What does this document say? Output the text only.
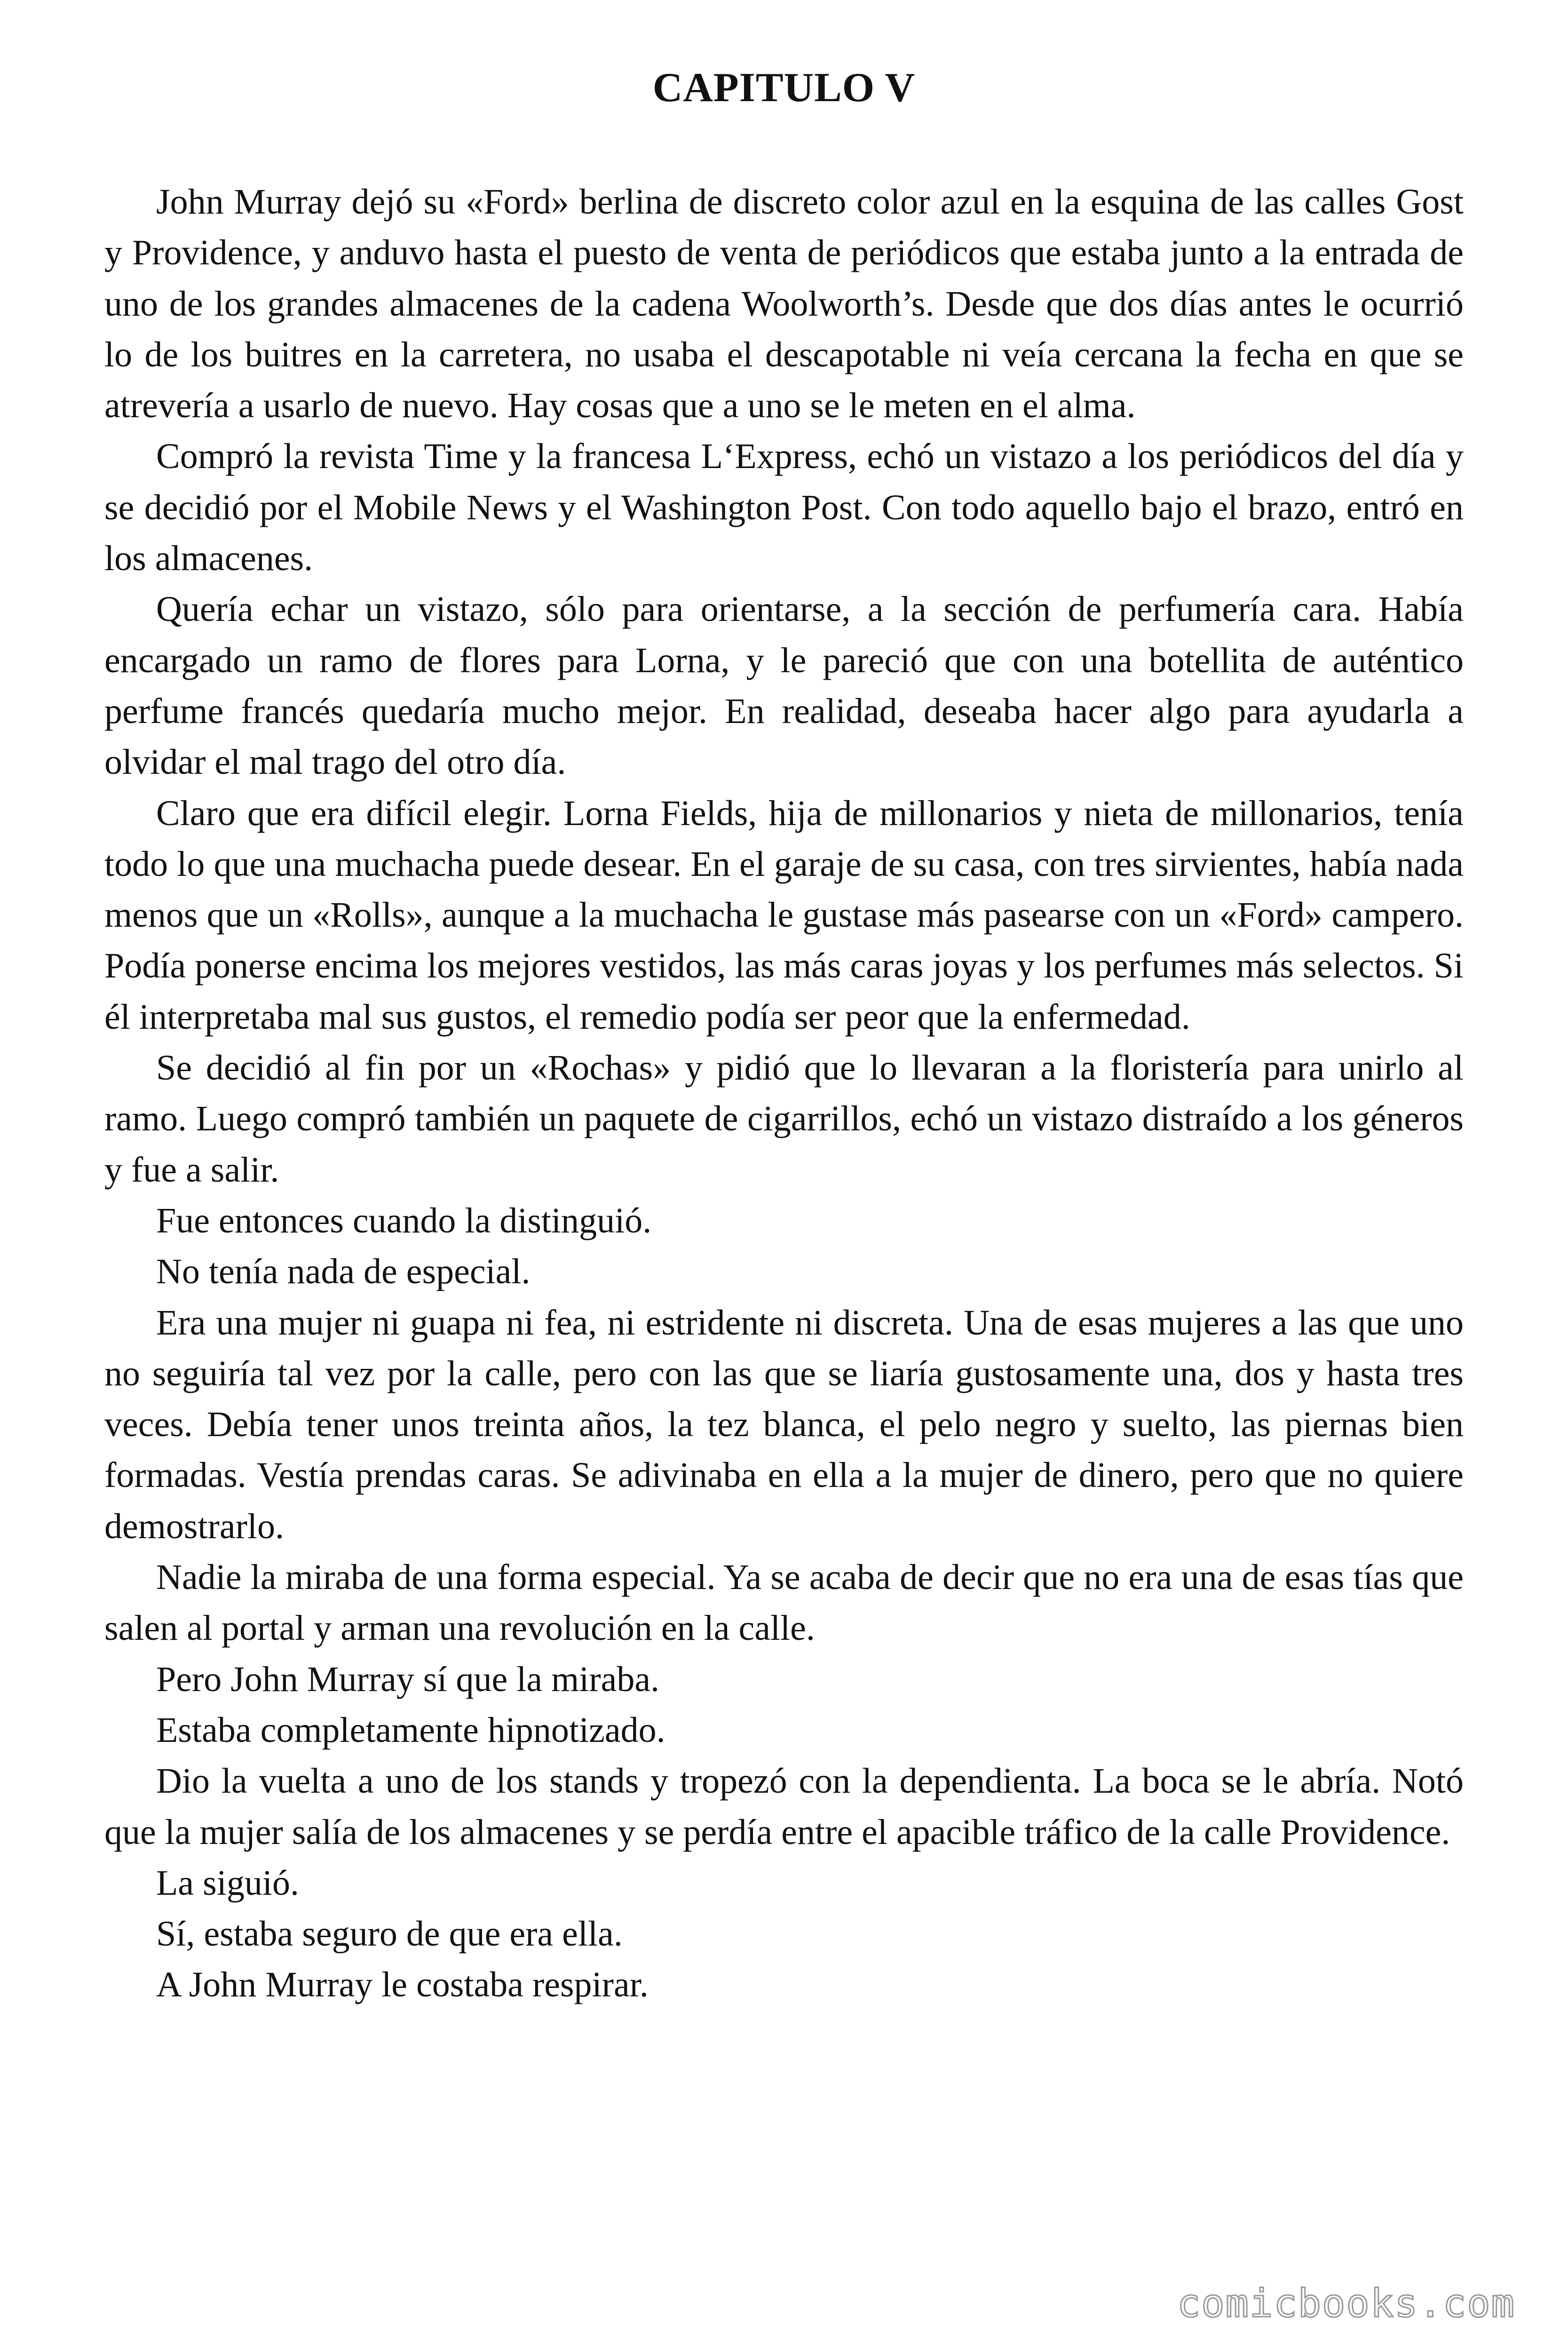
CAPITULO V

John Murray dejó su «Ford» berlina de discreto color azul en la esquina de las calles Gost y Providence, y anduvo hasta el puesto de venta de periódicos que estaba junto a la entrada de uno de los grandes almacenes de la cadena Woolworth’s. Desde que dos días antes le ocurrió lo de los buitres en la carretera, no usaba el descapotable ni veía cercana la fecha en que se atrevería a usarlo de nuevo. Hay cosas que a uno se le meten en el alma.

Compró la revista Time y la francesa L‘Express, echó un vistazo a los periódicos del día y se decidió por el Mobile News y el Washington Post. Con todo aquello bajo el brazo, entró en los almacenes.

Quería echar un vistazo, sólo para orientarse, a la sección de perfumería cara. Había encargado un ramo de flores para Lorna, y le pareció que con una botellita de auténtico perfume francés quedaría mucho mejor. En realidad, deseaba hacer algo para ayudarla a olvidar el mal trago del otro día.

Claro que era difícil elegir. Lorna Fields, hija de millonarios y nieta de millonarios, tenía todo lo que una muchacha puede desear. En el garaje de su casa, con tres sirvientes, había nada menos que un «Rolls», aunque a la muchacha le gustase más pasearse con un «Ford» campero. Podía ponerse encima los mejores vestidos, las más caras joyas y los perfumes más selectos. Si él interpretaba mal sus gustos, el remedio podía ser peor que la enfermedad.

Se decidió al fin por un «Rochas» y pidió que lo llevaran a la floristería para unirlo al ramo. Luego compró también un paquete de cigarrillos, echó un vistazo distraído a los géneros y fue a salir.

Fue entonces cuando la distinguió.

No tenía nada de especial.

Era una mujer ni guapa ni fea, ni estridente ni discreta. Una de esas mujeres a las que uno no seguiría tal vez por la calle, pero con las que se liaría gustosamente una, dos y hasta tres veces. Debía tener unos treinta años, la tez blanca, el pelo negro y suelto, las piernas bien formadas. Vestía prendas caras. Se adivinaba en ella a la mujer de dinero, pero que no quiere demostrarlo.

Nadie la miraba de una forma especial. Ya se acaba de decir que no era una de esas tías que salen al portal y arman una revolución en la calle.

Pero John Murray sí que la miraba.

Estaba completamente hipnotizado.

Dio la vuelta a uno de los stands y tropezó con la dependienta. La boca se le abría. Notó que la mujer salía de los almacenes y se perdía entre el apacible tráfico de la calle Providence.

La siguió.

Sí, estaba seguro de que era ella.

A John Murray le costaba respirar.

comicbooks.com
